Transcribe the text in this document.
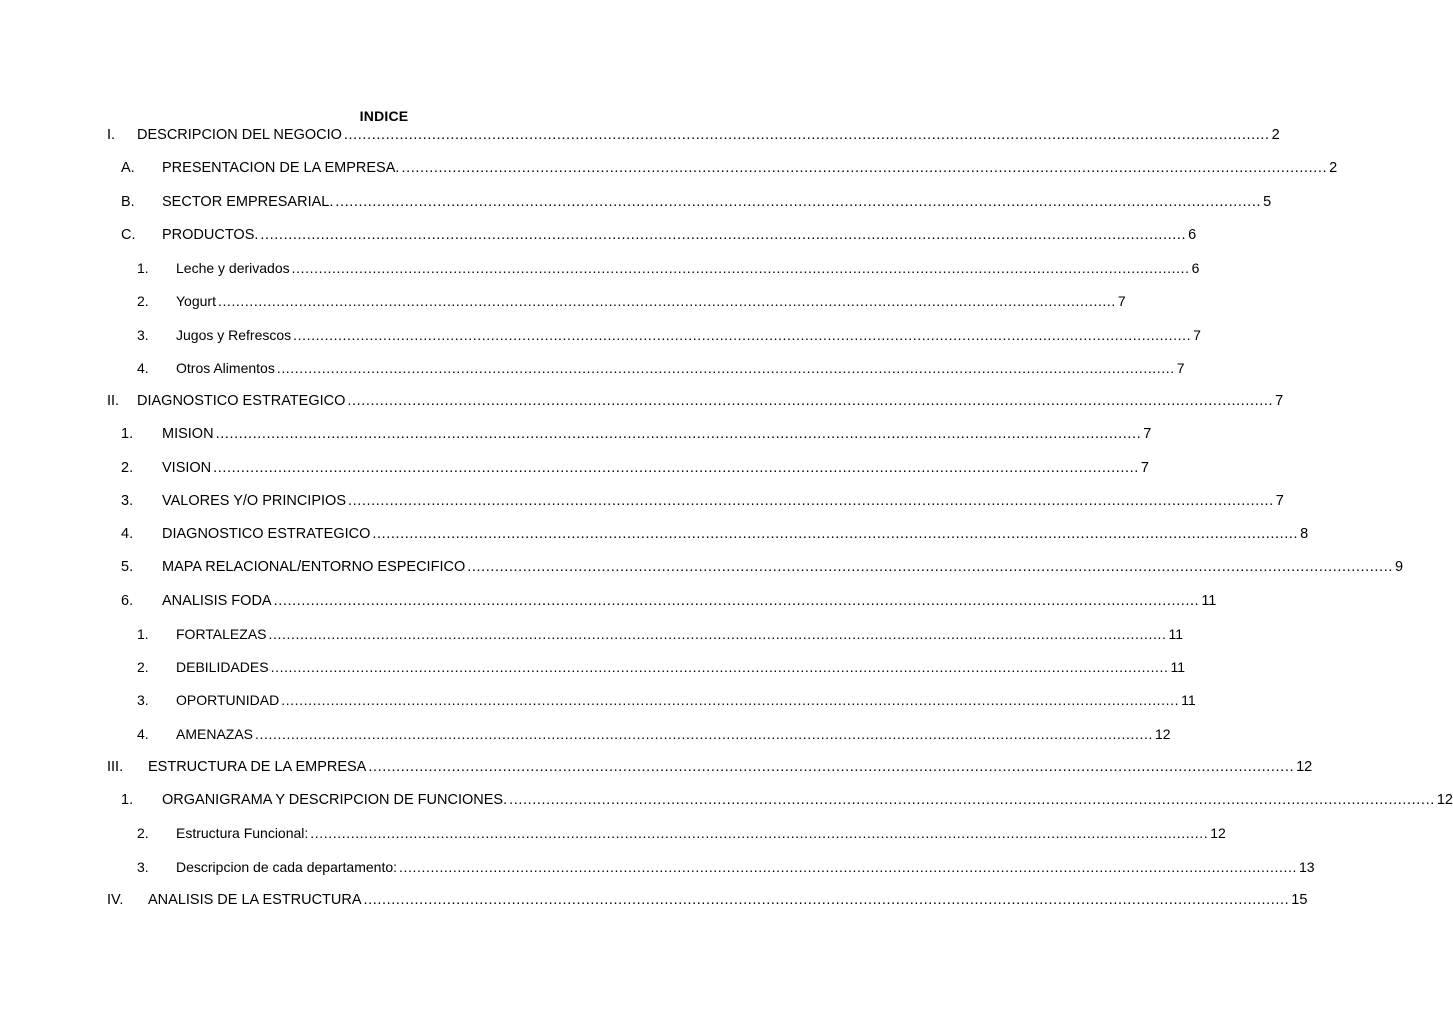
INDICE
I. DESCRIPCION DEL NEGOCIO ........................................................................................................................................................................................................ 2
A. PRESENTACION DE LA EMPRESA. ........................................................................................................................................................................................................ 2
B. SECTOR EMPRESARIAL. ........................................................................................................................................................................................................ 5
C. PRODUCTOS. ........................................................................................................................................................................................................ 6
1. Leche y derivados ........................................................................................................................................................................................................ 6
2. Yogurt ........................................................................................................................................................................................................ 7
3. Jugos y Refrescos ........................................................................................................................................................................................................ 7
4. Otros Alimentos ........................................................................................................................................................................................................ 7
II. DIAGNOSTICO ESTRATEGICO ........................................................................................................................................................................................................ 7
1. MISION ........................................................................................................................................................................................................ 7
2. VISION ........................................................................................................................................................................................................ 7
3. VALORES Y/O PRINCIPIOS ........................................................................................................................................................................................................ 7
4. DIAGNOSTICO ESTRATEGICO ........................................................................................................................................................................................................ 8
5. MAPA RELACIONAL/ENTORNO ESPECIFICO ........................................................................................................................................................................................................ 9
6. ANALISIS FODA ........................................................................................................................................................................................................ 11
1. FORTALEZAS ........................................................................................................................................................................................................ 11
2. DEBILIDADES ........................................................................................................................................................................................................ 11
3. OPORTUNIDAD ........................................................................................................................................................................................................ 11
4. AMENAZAS ........................................................................................................................................................................................................ 12
III. ESTRUCTURA DE LA EMPRESA ........................................................................................................................................................................................................ 12
1. ORGANIGRAMA Y DESCRIPCION DE FUNCIONES. ........................................................................................................................................................................................................ 12
2. Estructura Funcional: ........................................................................................................................................................................................................ 12
3. Descripcion de cada departamento: ........................................................................................................................................................................................................ 13
IV. ANALISIS DE LA ESTRUCTURA ........................................................................................................................................................................................................ 15
